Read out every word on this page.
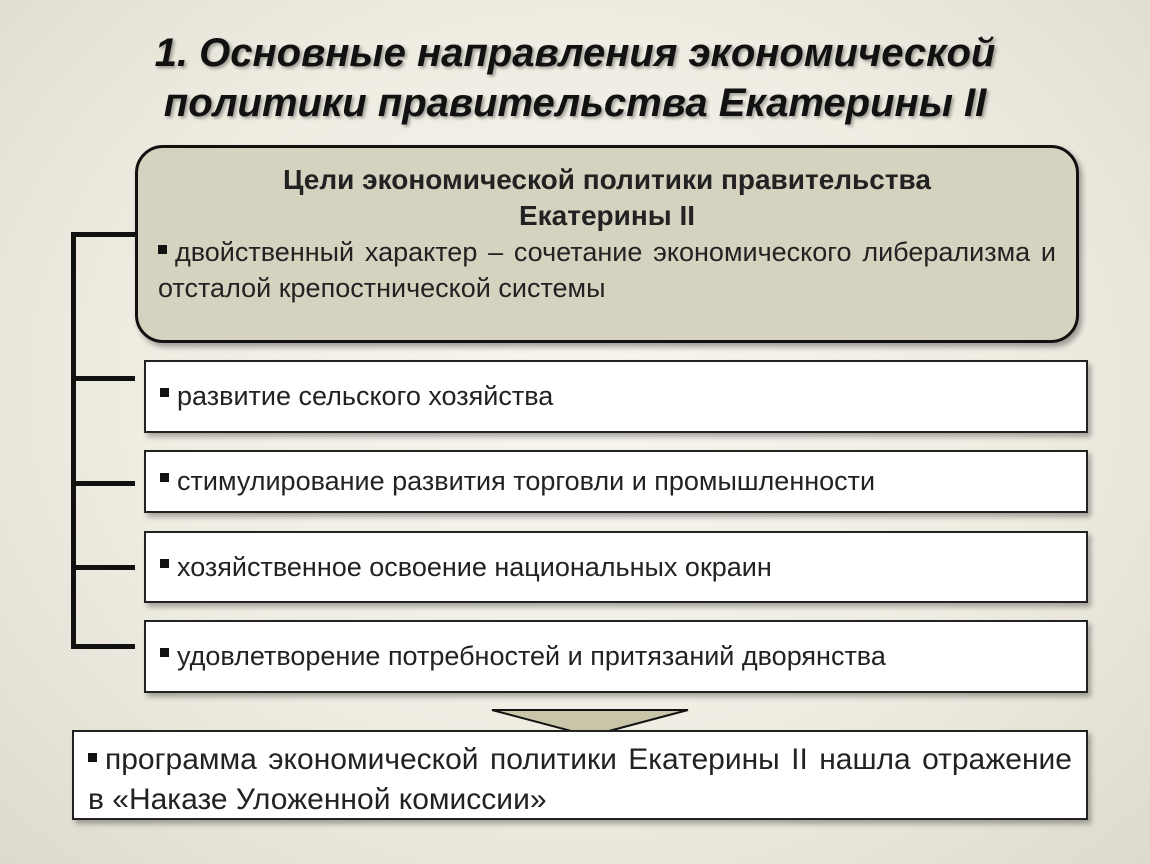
1. Основные направления экономической
политики правительства Екатерины II
Цели экономической политики правительства
Екатерины II
двойственный характер – сочетание экономического либерализма и отсталой крепостнической системы
развитие сельского хозяйства
стимулирование развития торговли и промышленности
хозяйственное освоение национальных окраин
удовлетворение потребностей и притязаний дворянства
программа экономической политики Екатерины II нашла отражение в «Наказе Уложенной комиссии»
